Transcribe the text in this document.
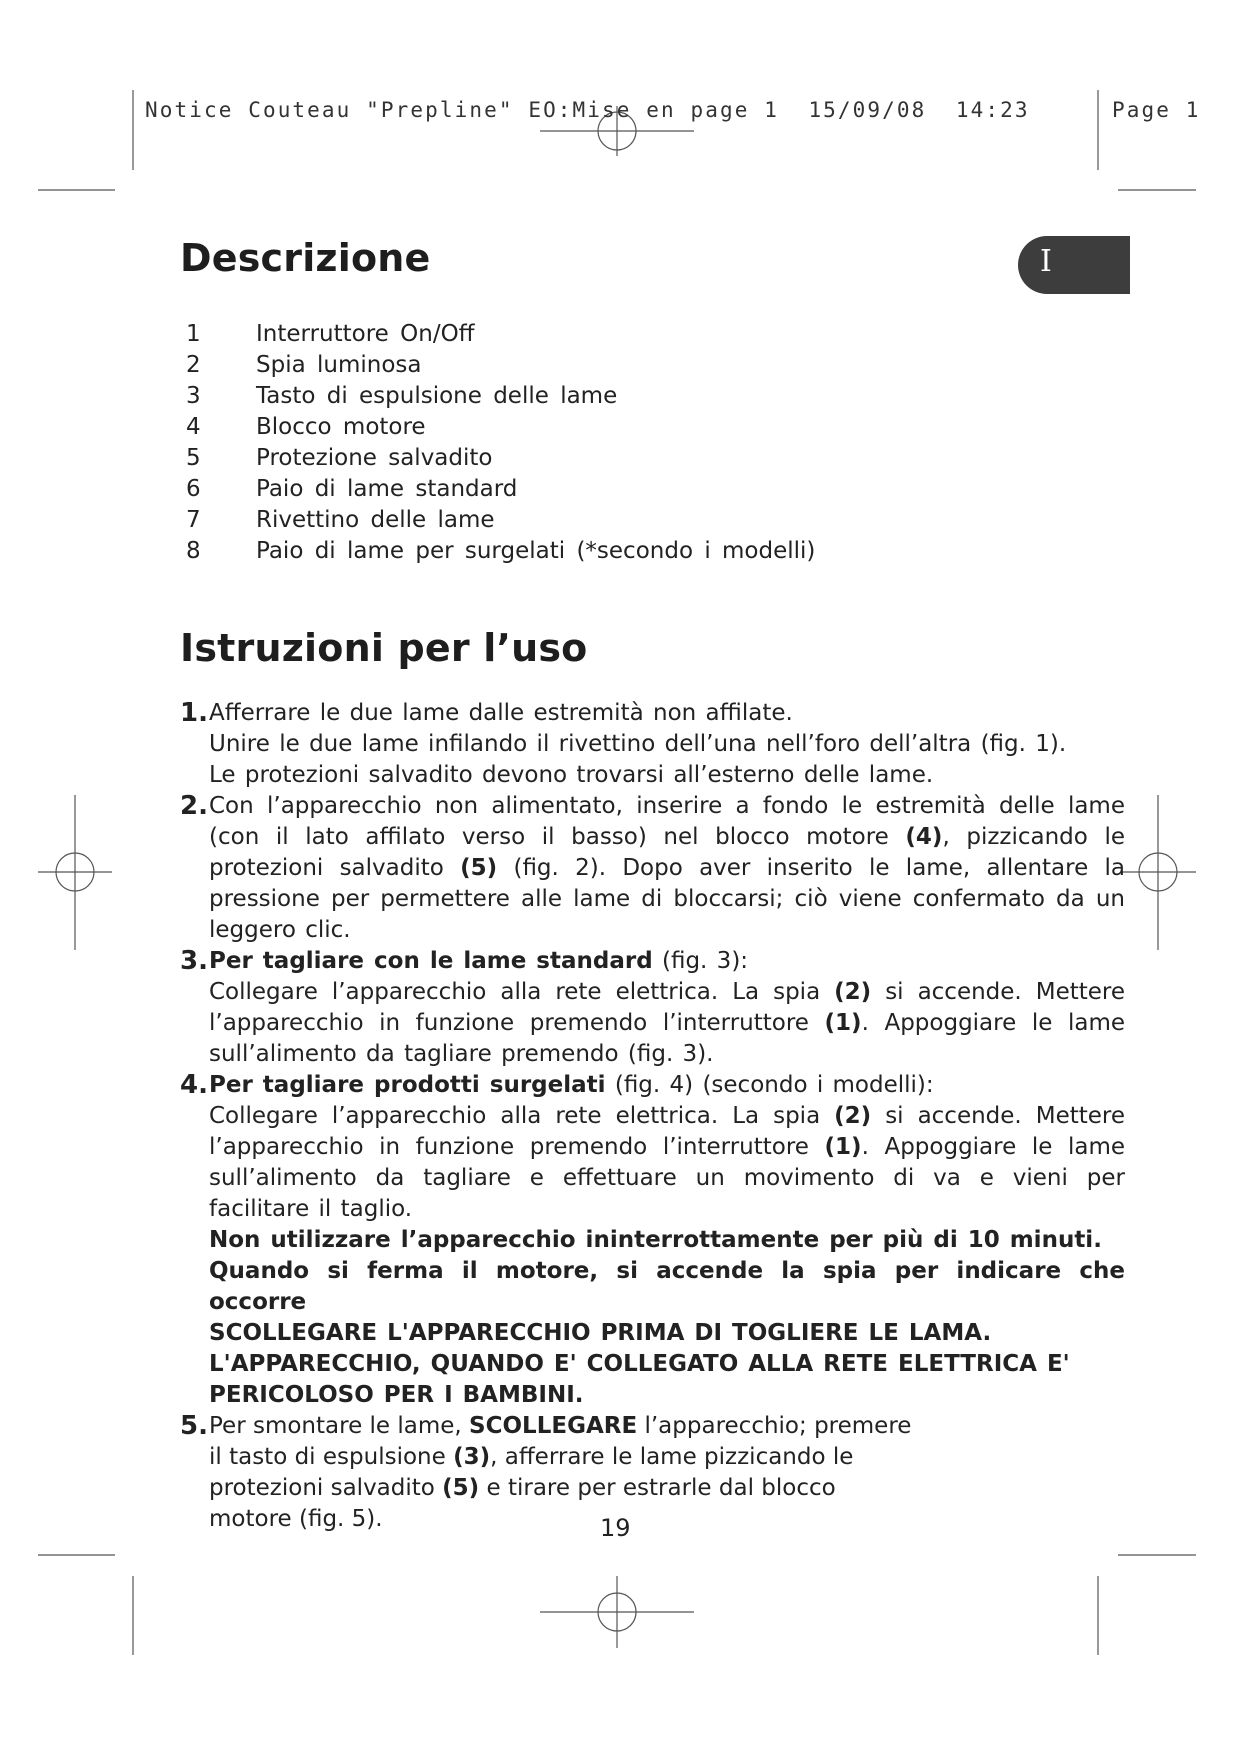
Notice Couteau "Prepline" EO:Mise en page 1  15/09/08  14:23	Page 1
I
Descrizione
1	Interruttore On/Off
2	Spia luminosa
3	Tasto di espulsione delle lame
4	Blocco motore
5	Protezione salvadito
6	Paio di lame standard
7	Rivettino delle lame
8	Paio di lame per surgelati (*secondo i modelli)
Istruzioni per l’uso
1. Afferrare le due lame dalle estremità non affilate.

Unire le due lame infilando il rivettino dell’una nell’foro dell’altra (fig. 1).

Le protezioni salvadito devono trovarsi all’esterno delle lame.

2. Con l’apparecchio non alimentato, inserire a fondo le estremità delle lame (con il lato affilato verso il basso) nel blocco motore (4), pizzicando le protezioni salvadito (5) (fig. 2). Dopo aver inserito le lame, allentare la pressione per permettere alle lame di bloccarsi; ciò viene confermato da un leggero clic.
3. Per tagliare con le lame standard (fig. 3):

Collegare l’apparecchio alla rete elettrica. La spia (2) si accende. Mettere l’apparecchio in funzione premendo l’interruttore (1). Appoggiare le lame sull’alimento da tagliare premendo (fig. 3).

4. Per tagliare prodotti surgelati (fig. 4) (secondo i modelli):

Collegare l’apparecchio alla rete elettrica. La spia (2) si accende. Mettere l’apparecchio in funzione premendo l’interruttore (1). Appoggiare le lame sull’alimento da tagliare e effettuare un movimento di va e vieni per facilitare il taglio.

Non utilizzare l’apparecchio ininterrottamente per più di 10 minuti.

Quando si ferma il motore, si accende la spia per indicare che occorre

SCOLLEGARE L'APPARECCHIO PRIMA DI TOGLIERE LE LAMA.

L'APPARECCHIO, QUANDO E' COLLEGATO ALLA RETE ELETTRICA E'

PERICOLOSO PER I BAMBINI.

5. Per smontare le lame, SCOLLEGARE l’apparecchio; premere il tasto di espulsione (3), afferrare le lame pizzicando le protezioni salvadito (5) e tirare per estrarle dal blocco motore (fig. 5).	19
